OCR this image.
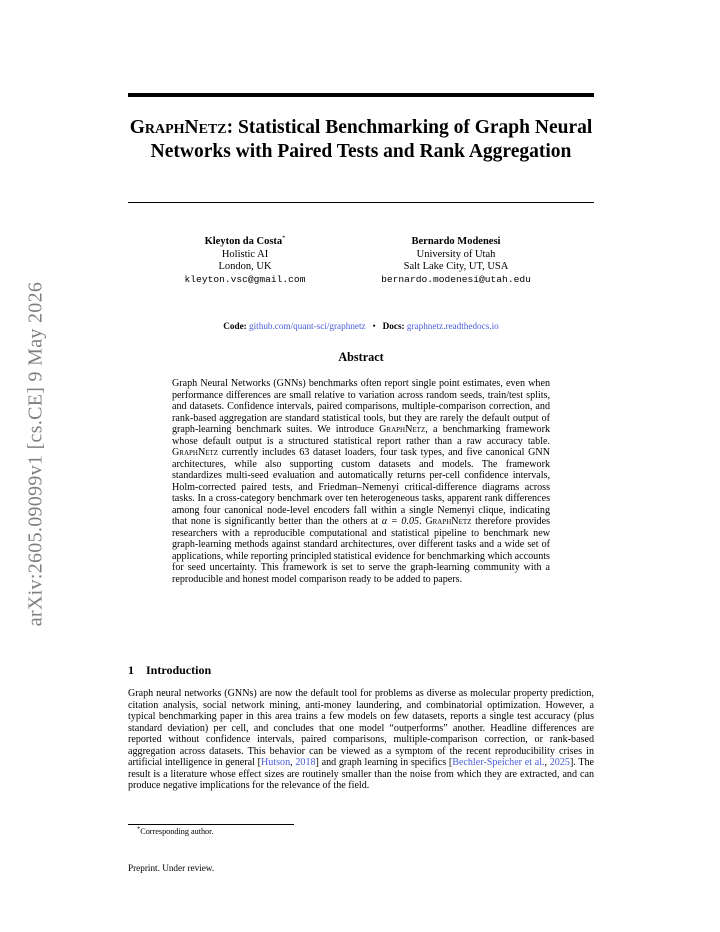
arXiv:2605.09099v1 [cs.CE] 9 May 2026
GraphNetz: Statistical Benchmarking of Graph Neural Networks with Paired Tests and Rank Aggregation
Kleyton da Costa*
Holistic AI
London, UK
kleyton.vsc@gmail.com
Bernardo Modenesi
University of Utah
Salt Lake City, UT, USA
bernardo.modenesi@utah.edu
Code: github.com/quant-sci/graphnetz • Docs: graphnetz.readthedocs.io
Abstract
Graph Neural Networks (GNNs) benchmarks often report single point estimates, even when performance differences are small relative to variation across random seeds, train/test splits, and datasets. Confidence intervals, paired comparisons, multiple-comparison correction, and rank-based aggregation are standard statistical tools, but they are rarely the default output of graph-learning benchmark suites. We introduce GraphNetz, a benchmarking framework whose default output is a structured statistical report rather than a raw accuracy table. GraphNetz currently includes 63 dataset loaders, four task types, and five canonical GNN architectures, while also supporting custom datasets and models. The framework standardizes multi-seed evaluation and automatically returns per-cell confidence intervals, Holm-corrected paired tests, and Friedman–Nemenyi critical-difference diagrams across tasks. In a cross-category benchmark over ten heterogeneous tasks, apparent rank differences among four canonical node-level encoders fall within a single Nemenyi clique, indicating that none is significantly better than the others at α = 0.05. GraphNetz therefore provides researchers with a reproducible computational and statistical pipeline to benchmark new graph-learning methods against standard architectures, over different tasks and a wide set of applications, while reporting principled statistical evidence for benchmarking which accounts for seed uncertainty. This framework is set to serve the graph-learning community with a reproducible and honest model comparison ready to be added to papers.
1 Introduction
Graph neural networks (GNNs) are now the default tool for problems as diverse as molecular property prediction, citation analysis, social network mining, anti-money laundering, and combinatorial optimization. However, a typical benchmarking paper in this area trains a few models on few datasets, reports a single test accuracy (plus standard deviation) per cell, and concludes that one model “outperforms” another. Headline differences are reported without confidence intervals, paired comparisons, multiple-comparison correction, or rank-based aggregation across datasets. This behavior can be viewed as a symptom of the recent reproducibility crises in artificial intelligence in general [Hutson, 2018] and graph learning in specifics [Bechler-Speicher et al., 2025]. The result is a literature whose effect sizes are routinely smaller than the noise from which they are extracted, and can produce negative implications for the relevance of the field.
*Corresponding author.
Preprint. Under review.
